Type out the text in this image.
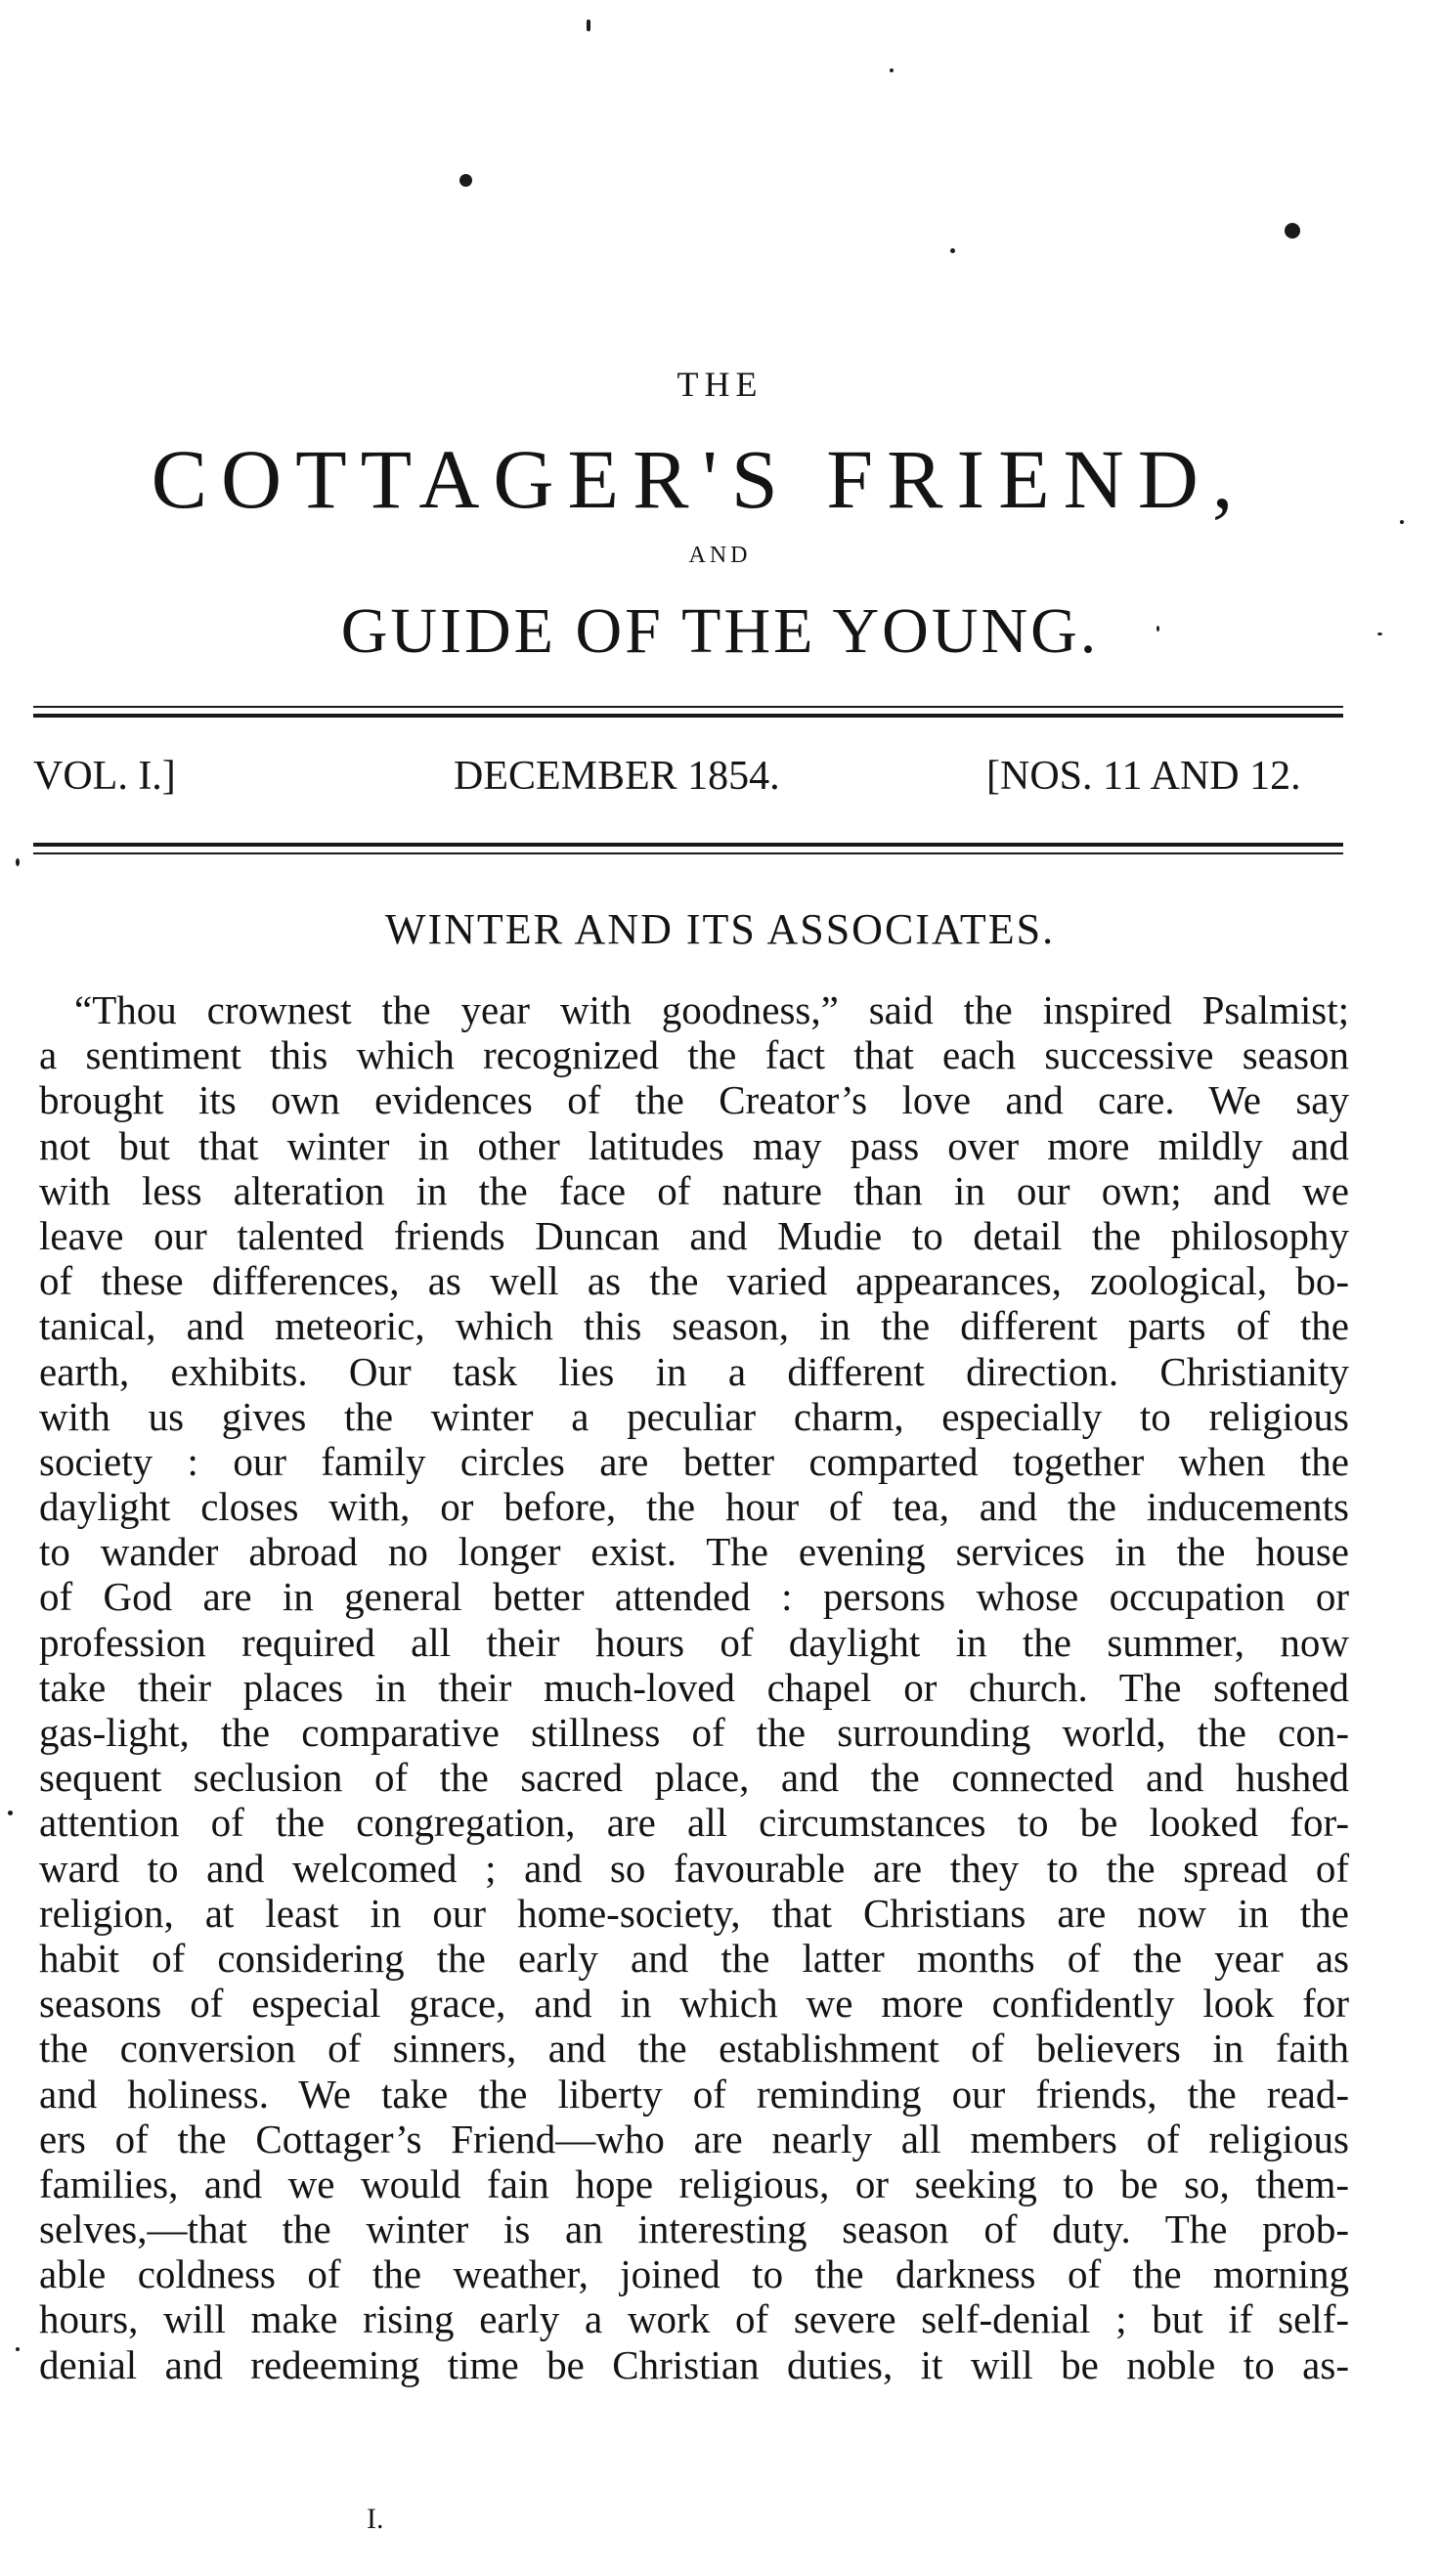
THE
COTTAGER'S FRIEND,
AND
GUIDE OF THE YOUNG.
VOL. I.]	DECEMBER 1854.	[NOS. 11 AND 12.
WINTER AND ITS ASSOCIATES.
“Thou crownest the year with goodness,” said the inspired Psalmist;
a sentiment this which recognized the fact that each successive season
brought its own evidences of the Creator’s love and care. We say
not but that winter in other latitudes may pass over more mildly and
with less alteration in the face of nature than in our own; and we
leave our talented friends Duncan and Mudie to detail the philosophy
of these differences, as well as the varied appearances, zoological, bo-
tanical, and meteoric, which this season, in the different parts of the
earth, exhibits. Our task lies in a different direction. Christianity
with us gives the winter a peculiar charm, especially to religious
society : our family circles are better comparted together when the
daylight closes with, or before, the hour of tea, and the inducements
to wander abroad no longer exist. The evening services in the house
of God are in general better attended : persons whose occupation or
profession required all their hours of daylight in the summer, now
take their places in their much-loved chapel or church. The softened
gas-light, the comparative stillness of the surrounding world, the con-
sequent seclusion of the sacred place, and the connected and hushed
attention of the congregation, are all circumstances to be looked for-
ward to and welcomed ; and so favourable are they to the spread of
religion, at least in our home-society, that Christians are now in the
habit of considering the early and the latter months of the year as
seasons of especial grace, and in which we more confidently look for
the conversion of sinners, and the establishment of believers in faith
and holiness. We take the liberty of reminding our friends, the read-
ers of the Cottager’s Friend—who are nearly all members of religious
families, and we would fain hope religious, or seeking to be so, them-
selves,—that the winter is an interesting season of duty. The prob-
able coldness of the weather, joined to the darkness of the morning
hours, will make rising early a work of severe self-denial ; but if self-
denial and redeeming time be Christian duties, it will be noble to as-
I.
